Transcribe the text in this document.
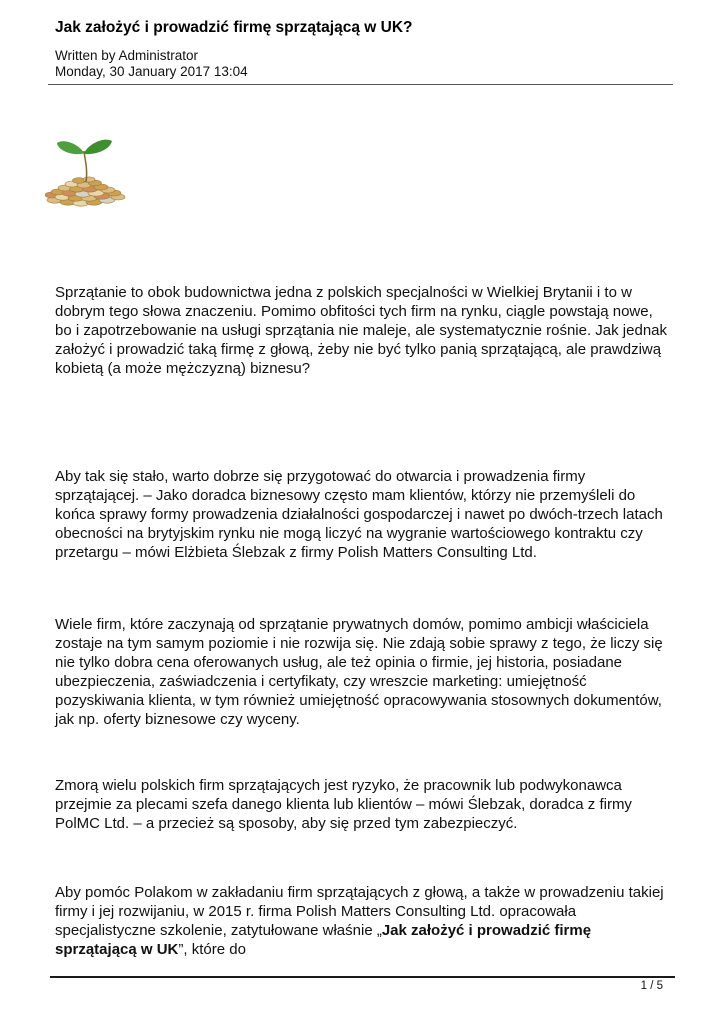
Jak założyć i prowadzić firmę sprzątającą w UK?
Written by Administrator
Monday, 30 January 2017 13:04

Sprzątanie to obok budownictwa jedna z polskich specjalności w Wielkiej Brytanii i to w dobrym tego słowa znaczeniu. Pomimo obfitości tych firm na rynku, ciągle powstają nowe, bo i zapotrzebowanie na usługi sprzątania nie maleje, ale systematycznie rośnie. Jak jednak założyć i prowadzić taką firmę z głową, żeby nie być tylko panią sprzątającą, ale prawdziwą kobietą (a może mężczyzną) biznesu?

Aby tak się stało, warto dobrze się przygotować do otwarcia i prowadzenia firmy sprzątającej. – Jako doradca biznesowy często mam klientów, którzy nie przemyśleli do końca sprawy formy prowadzenia działalności gospodarczej i nawet po dwóch-trzech latach obecności na brytyjskim rynku nie mogą liczyć na wygranie wartościowego kontraktu czy przetargu – mówi Elżbieta Ślebzak z firmy Polish Matters Consulting Ltd.

Wiele firm, które zaczynają od sprzątanie prywatnych domów, pomimo ambicji właściciela zostaje na tym samym poziomie i nie rozwija się. Nie zdają sobie sprawy z tego, że liczy się nie tylko dobra cena oferowanych usług, ale też opinia o firmie, jej historia, posiadane ubezpieczenia, zaświadczenia i certyfikaty, czy wreszcie marketing: umiejętność pozyskiwania klienta, w tym również umiejętność opracowywania stosownych dokumentów, jak np. oferty biznesowe czy wyceny.

Zmorą wielu polskich firm sprzątających jest ryzyko, że pracownik lub podwykonawca przejmie za plecami szefa danego klienta lub klientów – mówi Ślebzak, doradca z firmy PolMC Ltd. – a przecież są sposoby, aby się przed tym zabezpieczyć.

Aby pomóc Polakom w zakładaniu firm sprzątających z głową, a także w prowadzeniu takiej firmy i jej rozwijaniu, w 2015 r. firma Polish Matters Consulting Ltd. opracowała specjalistyczne szkolenie, zatytułowane właśnie „Jak założyć i prowadzić firmę sprzątającą w UK”, które do

1 / 5
